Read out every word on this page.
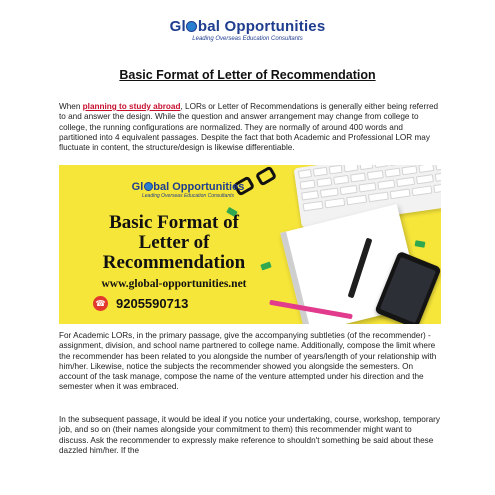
Gl bal Opportunities
Leading Overseas Education Consultants
Basic Format of Letter of Recommendation

When planning to study abroad, LORs or Letter of Recommendations is generally either being referred to and answer the design. While the question and answer arrangement may change from college to college, the running configurations are normalized. They are normally of around 400 words and partitioned into 4 equivalent passages. Despite the fact that both Academic and Professional LOR may fluctuate in content, the structure/design is likewise differentiable.

Gl bal Opportunities
Leading Overseas Education Consultants
Basic Format of
Letter of
Recommendation
www.global-opportunities.net
☎ 9205590713

For Academic LORs, in the primary passage, give the accompanying subtleties (of the recommender) - assignment, division, and school name partnered to college name. Additionally, compose the limit where the recommender has been related to you alongside the number of years/length of your relationship with him/her. Likewise, notice the subjects the recommender showed you alongside the semesters. On account of the task manage, compose the name of the venture attempted under his direction and the semester when it was embraced.

In the subsequent passage, it would be ideal if you notice your undertaking, course, workshop, temporary job, and so on (their names alongside your commitment to them) this recommender might want to discuss. Ask the recommender to expressly make reference to shouldn't something be said about these dazzled him/her. If the
